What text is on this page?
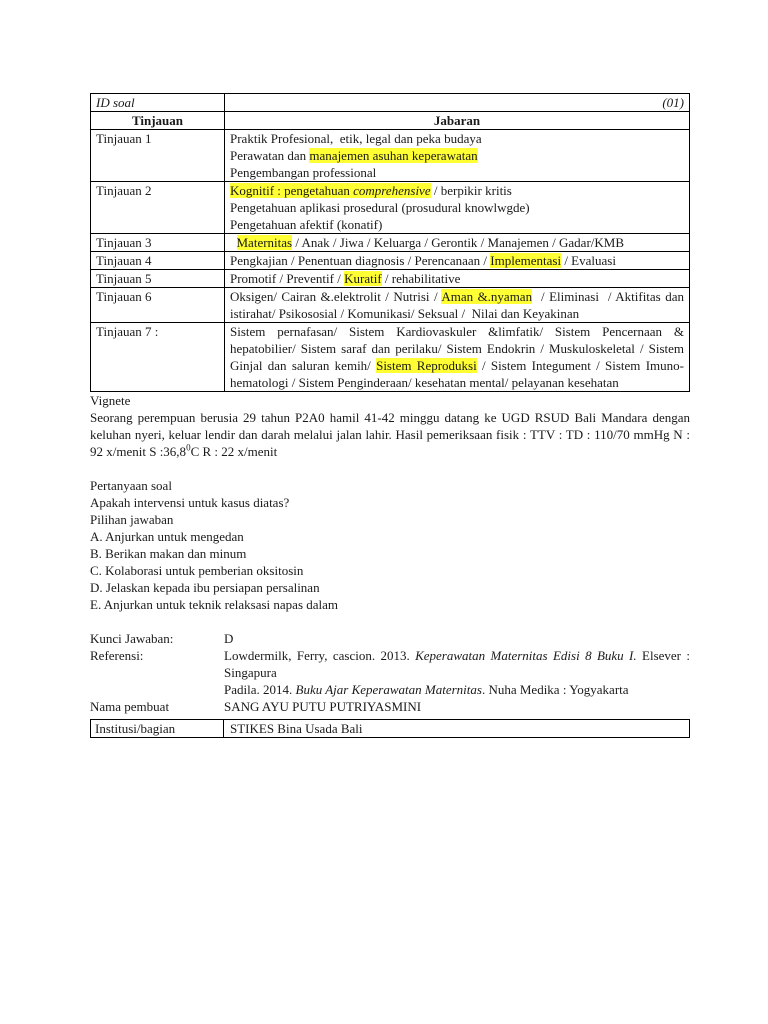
ID soal	(01)
Tinjauan	Jabaran
Tinjauan 1	Praktik Profesional,  etik, legal dan peka budaya
Perawatan dan manajemen asuhan keperawatan
Pengembangan professional

Tinjauan 2	Kognitif : pengetahuan comprehensive / berpikir kritis
Pengetahuan aplikasi prosedural (prosudural knowlwgde)
Pengetahuan afektif (konatif)

Tinjauan 3	Maternitas / Anak / Jiwa / Keluarga / Gerontik / Manajemen / Gadar/KMB

Tinjauan 4	Pengkajian / Penentuan diagnosis / Perencanaan / Implementasi / Evaluasi

Tinjauan 5	Promotif / Preventif / Kuratif / rehabilitative

Tinjauan 6	Oksigen/ Cairan &.elektrolit / Nutrisi / Aman &.nyaman  / Eliminasi  / Aktifitas dan istirahat/ Psikososial / Komunikasi/ Seksual /  Nilai dan Keyakinan

Tinjauan 7 :	Sistem pernafasan/ Sistem Kardiovaskuler &limfatik/ Sistem Pencernaan & hepatobilier/ Sistem saraf dan perilaku/ Sistem Endokrin / Muskuloskeletal / Sistem Ginjal dan saluran kemih/ Sistem Reproduksi / Sistem Integument / Sistem Imuno-hematologi / Sistem Penginderaan/ kesehatan mental/ pelayanan kesehatan
Vignete

Seorang perempuan berusia 29 tahun P2A0 hamil 41-42 minggu datang ke UGD RSUD Bali Mandara dengan keluhan nyeri, keluar lendir dan darah melalui jalan lahir. Hasil pemeriksaan fisik : TTV : TD : 110/70 mmHg N : 92 x/menit S :36,8$^0$C R : 22 x/menit

Pertanyaan soal
Apakah intervensi untuk kasus diatas?
Pilihan jawaban
A. Anjurkan untuk mengedan
B. Berikan makan dan minum
C. Kolaborasi untuk pemberian oksitosin
D. Jelaskan kepada ibu persiapan persalinan
E. Anjurkan untuk teknik relaksasi napas dalam
Kunci Jawaban:	D
Referensi:	Lowdermilk, Ferry, cascion. 2013. Keperawatan Maternitas Edisi 8 Buku I. Elsever : Singapura
Padila. 2014. Buku Ajar Keperawatan Maternitas. Nuha Medika : Yogyakarta
Nama pembuat	SANG AYU PUTU PUTRIYASMINI
Institusi/bagian	STIKES Bina Usada Bali
